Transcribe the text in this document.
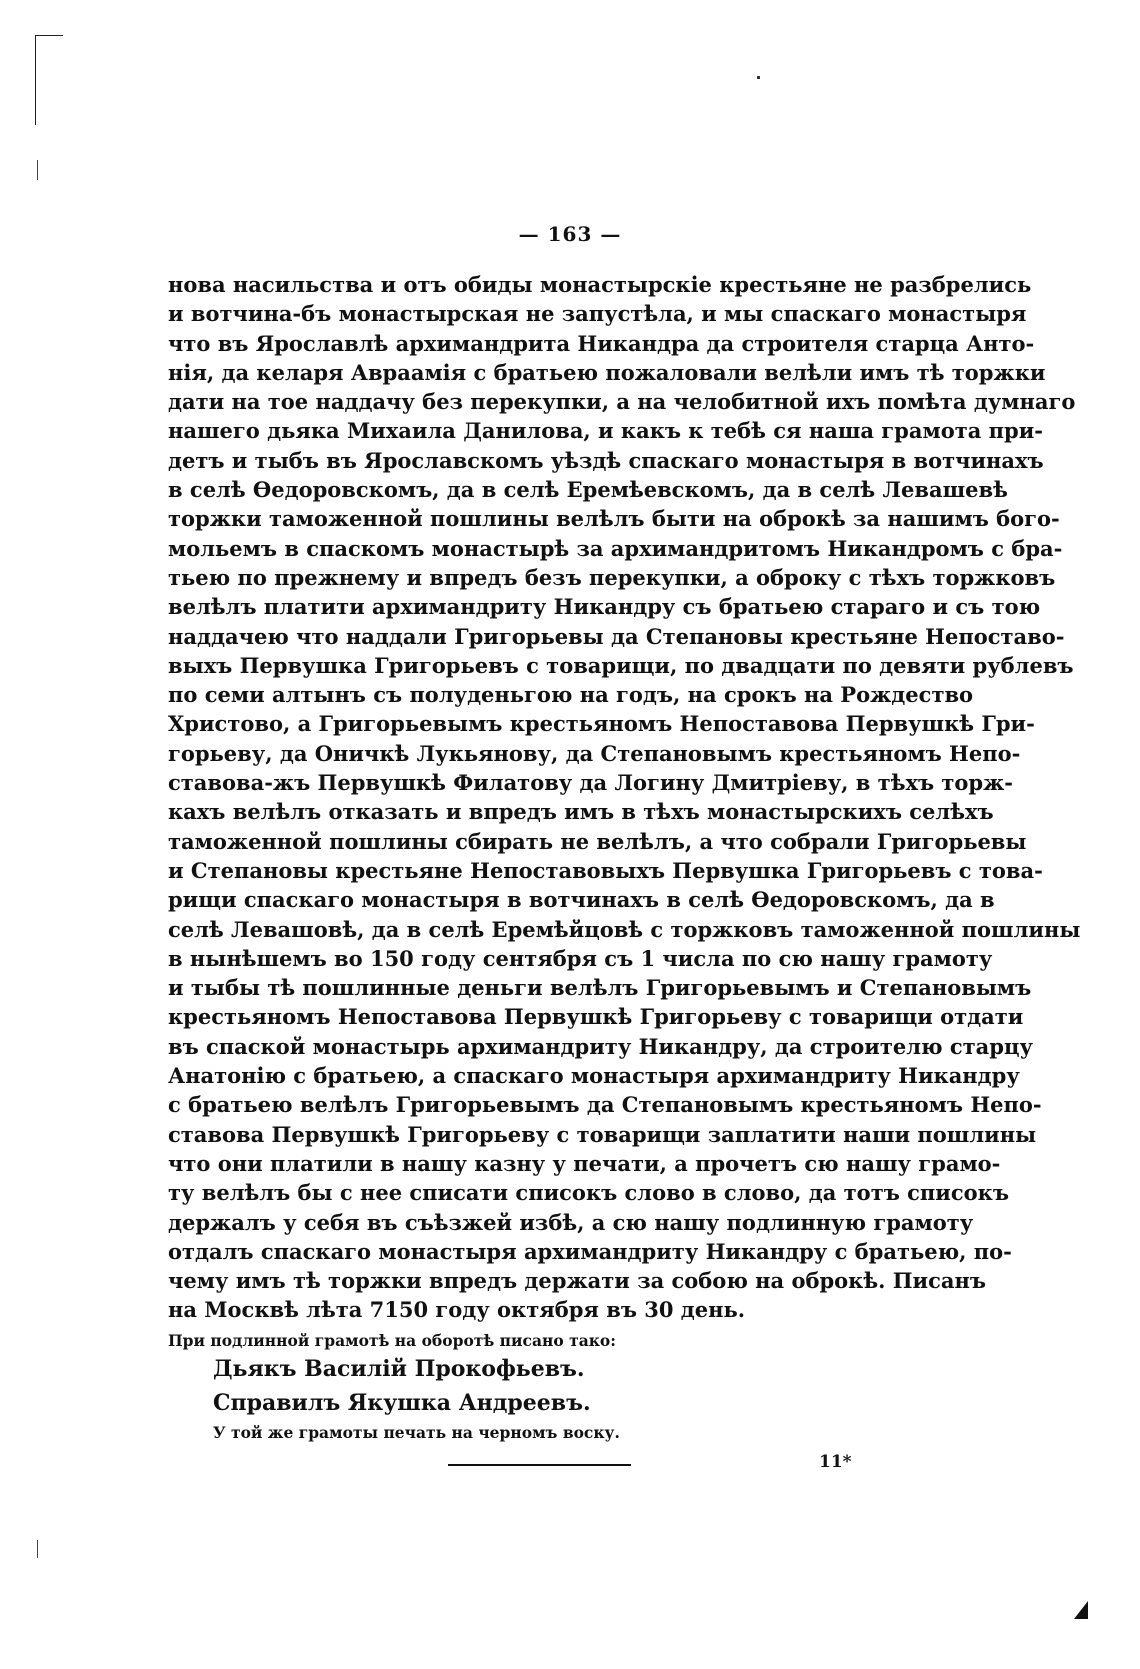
— 163 —
нова насильства и отъ обиды монастырскіе крестьяне не разбрелись
и вотчина-бъ монастырская не запустѣла, и мы спаскаго монастыря
что въ Ярославлѣ архимандрита Никандра да строителя старца Анто-
нія, да келаря Авраамія с братьею пожаловали велѣли имъ тѣ торжки
дати на тое наддачу без перекупки, а на челобитной ихъ помѣта думнаго
нашего дьяка Михаила Данилова, и какъ к тебѣ ся наша грамота при-
детъ и тыбъ въ Ярославскомъ уѣздѣ спаскаго монастыря в вотчинахъ
в селѣ Ѳедоровскомъ, да в селѣ Еремѣевскомъ, да в селѣ Левашевѣ
торжки таможенной пошлины велѣлъ быти на оброкѣ за нашимъ бого-
мольемъ в спаскомъ монастырѣ за архимандритомъ Никандромъ с бра-
тьею по прежнему и впредъ безъ перекупки, а оброку с тѣхъ торжковъ
велѣлъ платити архимандриту Никандру съ братьею стараго и съ тою
наддачею что наддали Григорьевы да Степановы крестьяне Непоставо-
выхъ Первушка Григорьевъ с товарищи, по двадцати по девяти рублевъ
по семи алтынъ съ полуденьгою на годъ, на срокъ на Рождество
Христово, а Григорьевымъ крестьяномъ Непоставова Первушкѣ Гри-
горьеву, да Оничкѣ Лукьянову, да Степановымъ крестьяномъ Непо-
ставова-жъ Первушкѣ Филатову да Логину Дмитріеву, в тѣхъ торж-
кахъ велѣлъ отказать и впредъ имъ в тѣхъ монастырскихъ селѣхъ
таможенной пошлины сбирать не велѣлъ, а что собрали Григорьевы
и Степановы крестьяне Непоставовыхъ Первушка Григорьевъ с това-
рищи спаскаго монастыря в вотчинахъ в селѣ Ѳедоровскомъ, да в
селѣ Левашовѣ, да в селѣ Еремѣйцовѣ с торжковъ таможенной пошлины
в нынѣшемъ во 150 году сентября съ 1 числа по сю нашу грамоту
и тыбы тѣ пошлинные деньги велѣлъ Григорьевымъ и Степановымъ
крестьяномъ Непоставова Первушкѣ Григорьеву с товарищи отдати
въ спаской монастырь архимандриту Никандру, да строителю старцу
Анатонію с братьею, а спаскаго монастыря архимандриту Никандру
с братьею велѣлъ Григорьевымъ да Степановымъ крестьяномъ Непо-
ставова Первушкѣ Григорьеву с товарищи заплатити наши пошлины
что они платили в нашу казну у печати, а прочетъ сю нашу грамо-
ту велѣлъ бы с нее списати списокъ слово в слово, да тотъ списокъ
держалъ у себя въ съѣзжей избѣ, а сю нашу подлинную грамоту
отдалъ спаскаго монастыря архимандриту Никандру с братьею, по-
чему имъ тѣ торжки впредъ держати за собою на оброкѣ. Писанъ
на Москвѣ лѣта 7150 году октября въ 30 день.
При подлинной грамотѣ на оборотѣ писано тако:
Дьякъ Василій Прокофьевъ.
Справилъ Якушка Андреевъ.
У той же грамоты печать на черномъ воску.
11*
